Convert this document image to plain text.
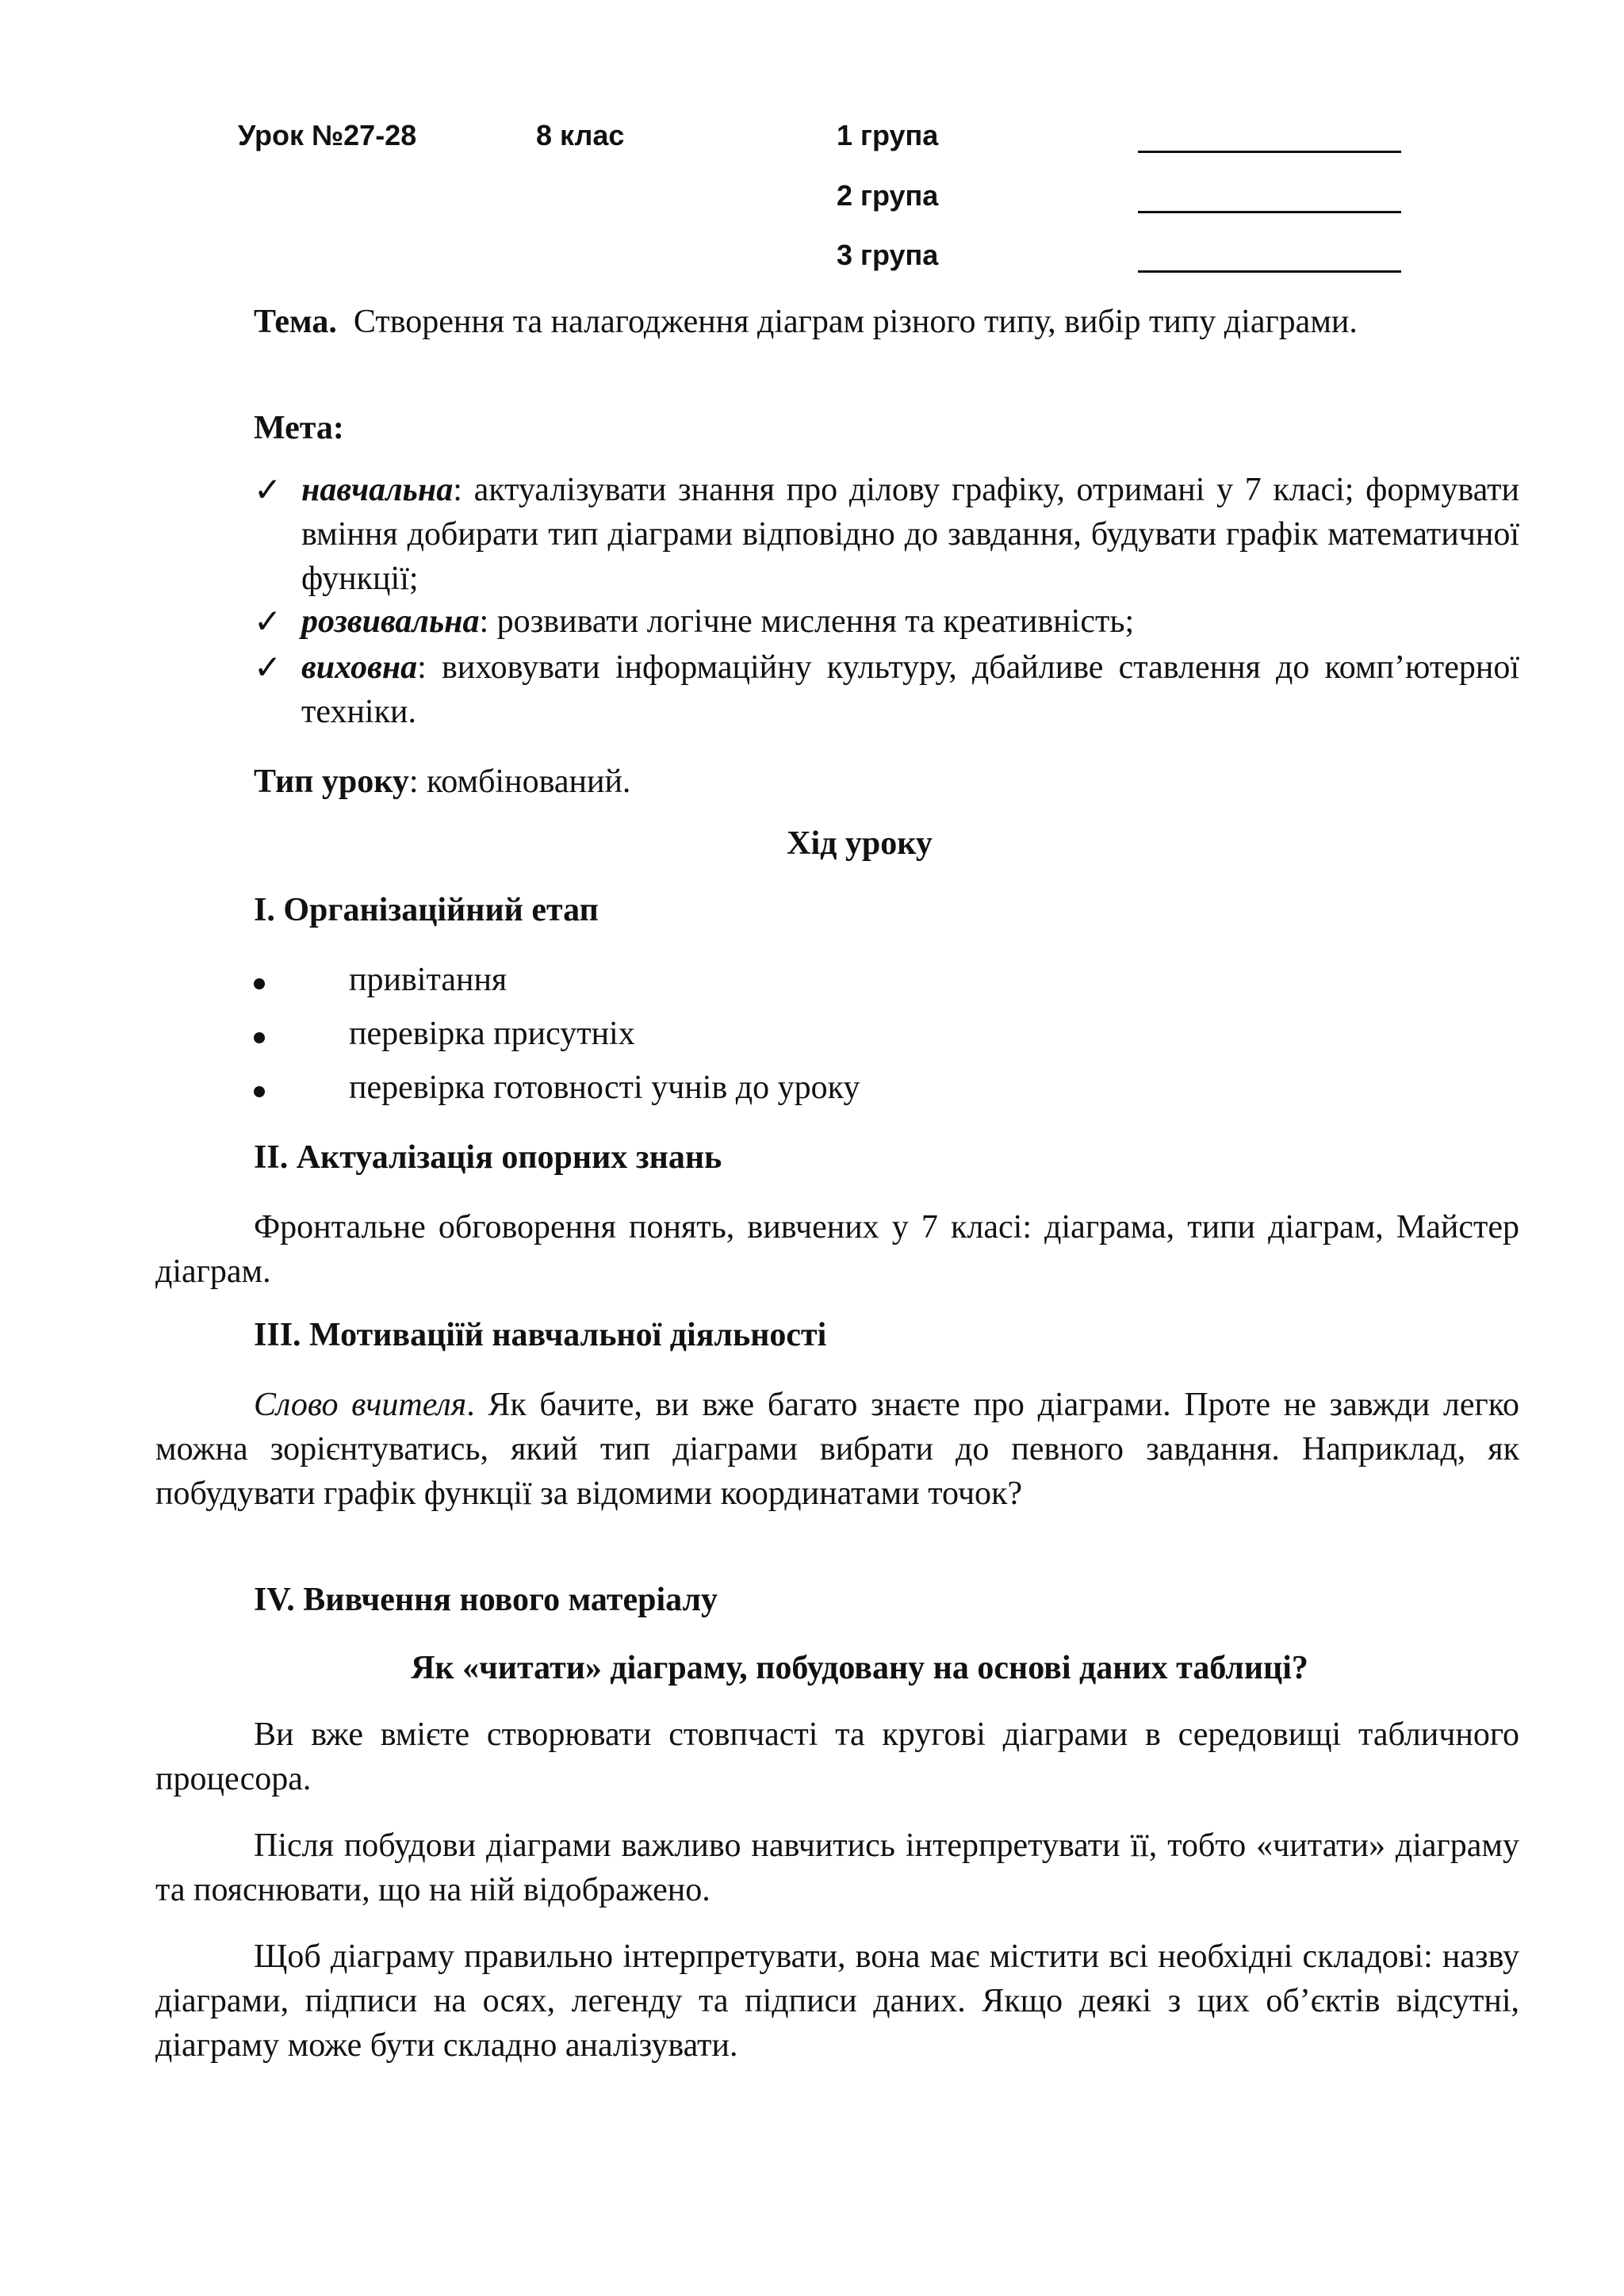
Урок №27-28	8 клас	1 група
2 група
3 група
Тема. Створення та налагодження діаграм різного типу, вибір типу діаграми.
Мета:
✓ навчальна: актуалізувати знання про ділову графіку, отримані у 7 класі; формувати вміння добирати тип діаграми відповідно до завдання, будувати графік математичної функції;
✓ розвивальна: розвивати логічне мислення та креативність;
✓ виховна: виховувати інформаційну культуру, дбайливе ставлення до комп’ютерної техніки.
Тип уроку: комбінований.
Хід уроку
I. Організаційний етап
привітання
перевірка присутніх
перевірка готовності учнів до уроку
II. Актуалізація опорних знань
Фронтальне обговорення понять, вивчених у 7 класі: діаграма, типи діаграм, Майстер діаграм.
III. Мотиваціїй навчальної діяльності
Слово вчителя. Як бачите, ви вже багато знаєте про діаграми. Проте не завжди легко можна зорієнтуватись, який тип діаграми вибрати до певного завдання. Наприклад, як побудувати графік функції за відомими координатами точок?
IV. Вивчення нового матеріалу
Як «читати» діаграму, побудовану на основі даних таблиці?
Ви вже вмієте створювати стовпчасті та кругові діаграми в середовищі табличного процесора.
Після побудови діаграми важливо навчитись інтерпретувати її, тобто «читати» діаграму та пояснювати, що на ній відображено.
Щоб діаграму правильно інтерпретувати, вона має містити всі необхідні складові: назву діаграми, підписи на осях, легенду та підписи даних. Якщо деякі з цих об’єктів відсутні, діаграму може бути складно аналізувати.
